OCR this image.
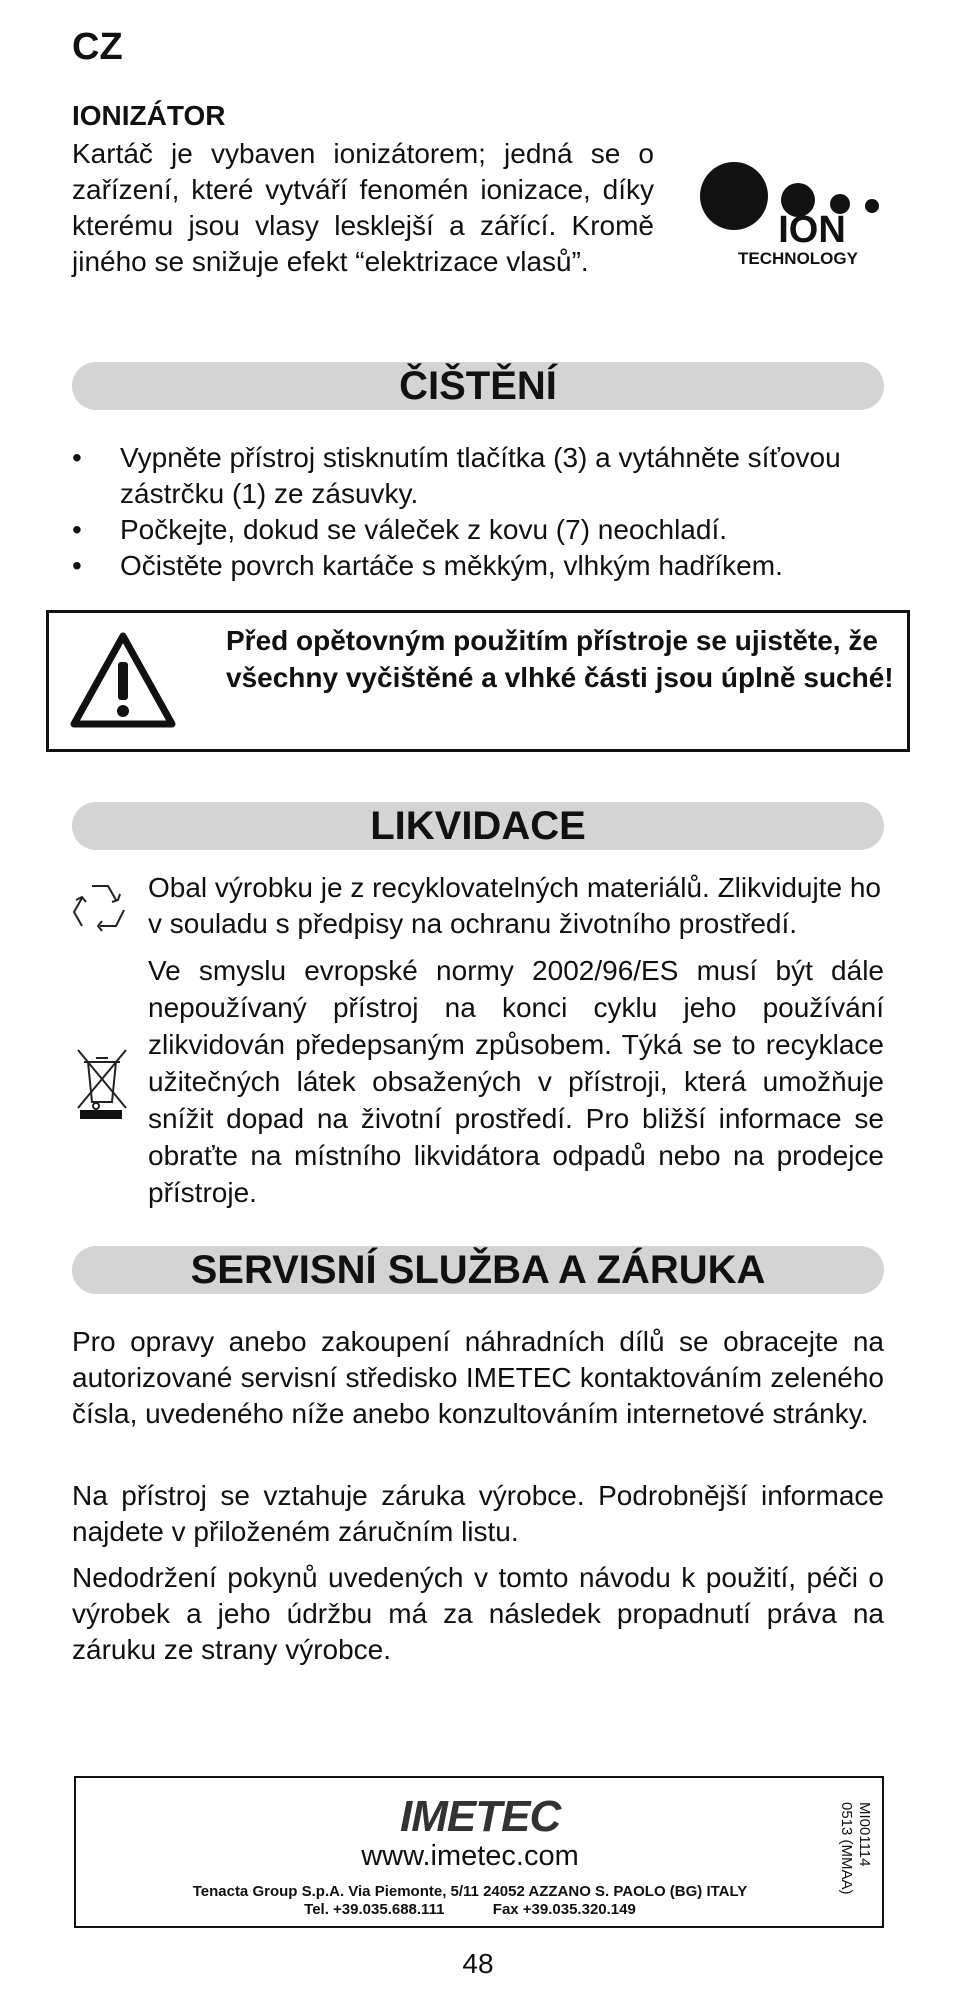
CZ
IONIZÁTOR
Kartáč je vybaven ionizátorem; jedná se o zařízení, které vytváří fenomén ionizace, díky kterému jsou vlasy lesklejší a zářící. Kromě jiného se snižuje efekt “elektrizace vlasů”.
ION
TECHNOLOGY
ČIŠTĚNÍ
• Vypněte přístroj stisknutím tlačítka (3) a vytáhněte síťovou zástrčku (1) ze zásuvky.
• Počkejte, dokud se váleček z kovu (7) neochladí.
• Očistěte povrch kartáče s měkkým, vlhkým hadříkem.
Před opětovným použitím přístroje se ujistěte, že všechny vyčištěné a vlhké části jsou úplně suché!
LIKVIDACE
Obal výrobku je z recyklovatelných materiálů. Zlikvidujte ho v souladu s předpisy na ochranu životního prostředí.
Ve smyslu evropské normy 2002/96/ES musí být dále nepoužívaný přístroj na konci cyklu jeho používání zlikvidován předepsaným způsobem. Týká se to recyklace užitečných látek obsažených v přístroji, která umožňuje snížit dopad na životní prostředí. Pro bližší informace se obraťte na místního likvidátora odpadů nebo na prodejce přístroje.
SERVISNÍ SLUŽBA A ZÁRUKA
Pro opravy anebo zakoupení náhradních dílů se obracejte na autorizované servisní středisko IMETEC kontaktováním zeleného čísla, uvedeného níže anebo konzultováním internetové stránky.
Na přístroj se vztahuje záruka výrobce. Podrobnější informace najdete v přiloženém záručním listu.
Nedodržení pokynů uvedených v tomto návodu k použití, péči o výrobek a jeho údržbu má za následek propadnutí práva na záruku ze strany výrobce.
IMETEC
www.imetec.com
Tenacta Group S.p.A. Via Piemonte, 5/11 24052 AZZANO S. PAOLO (BG) ITALY
Tel. +39.035.688.111	Fax +39.035.320.149
MI001114
0513 (MMAA)
48
